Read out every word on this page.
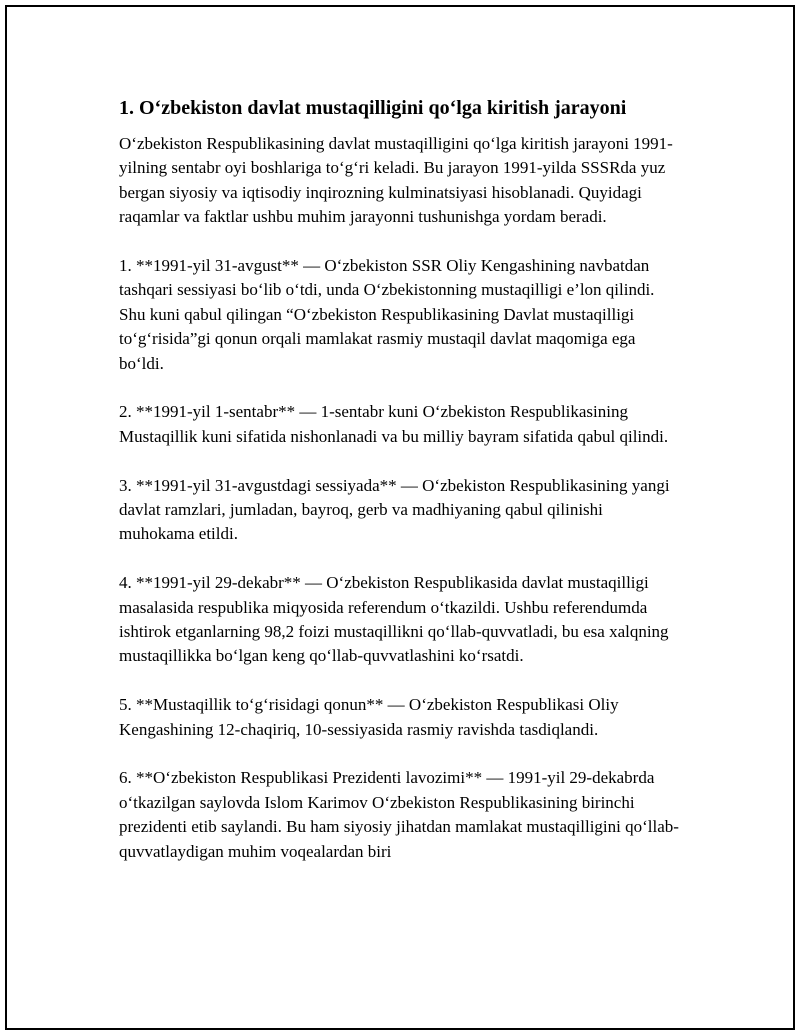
1. O‘zbekiston davlat mustaqilligini qo‘lga kiritish jarayoni

O‘zbekiston Respublikasining davlat mustaqilligini qo‘lga kiritish jarayoni 1991-yilning sentabr oyi boshlariga to‘g‘ri keladi. Bu jarayon 1991-yilda SSSRda yuz bergan siyosiy va iqtisodiy inqirozning kulminatsiyasi hisoblanadi. Quyidagi raqamlar va faktlar ushbu muhim jarayonni tushunishga yordam beradi.

1. **1991-yil 31-avgust** — O‘zbekiston SSR Oliy Kengashining navbatdan tashqari sessiyasi bo‘lib o‘tdi, unda O‘zbekistonning mustaqilligi e’lon qilindi. Shu kuni qabul qilingan “O‘zbekiston Respublikasining Davlat mustaqilligi to‘g‘risida”gi qonun orqali mamlakat rasmiy mustaqil davlat maqomiga ega bo‘ldi.

2. **1991-yil 1-sentabr** — 1-sentabr kuni O‘zbekiston Respublikasining Mustaqillik kuni sifatida nishonlanadi va bu milliy bayram sifatida qabul qilindi.

3. **1991-yil 31-avgustdagi sessiyada** — O‘zbekiston Respublikasining yangi davlat ramzlari, jumladan, bayroq, gerb va madhiyaning qabul qilinishi muhokama etildi.

4. **1991-yil 29-dekabr** — O‘zbekiston Respublikasida davlat mustaqilligi masalasida respublika miqyosida referendum o‘tkazildi. Ushbu referendumda ishtirok etganlarning 98,2 foizi mustaqillikni qo‘llab-quvvatladi, bu esa xalqning mustaqillikka bo‘lgan keng qo‘llab-quvvatlashini ko‘rsatdi.

5. **Mustaqillik to‘g‘risidagi qonun** — O‘zbekiston Respublikasi Oliy Kengashining 12-chaqiriq, 10-sessiyasida rasmiy ravishda tasdiqlandi.

6. **O‘zbekiston Respublikasi Prezidenti lavozimi** — 1991-yil 29-dekabrda o‘tkazilgan saylovda Islom Karimov O‘zbekiston Respublikasining birinchi prezidenti etib saylandi. Bu ham siyosiy jihatdan mamlakat mustaqilligini qo‘llab-quvvatlaydigan muhim voqealardan biri
